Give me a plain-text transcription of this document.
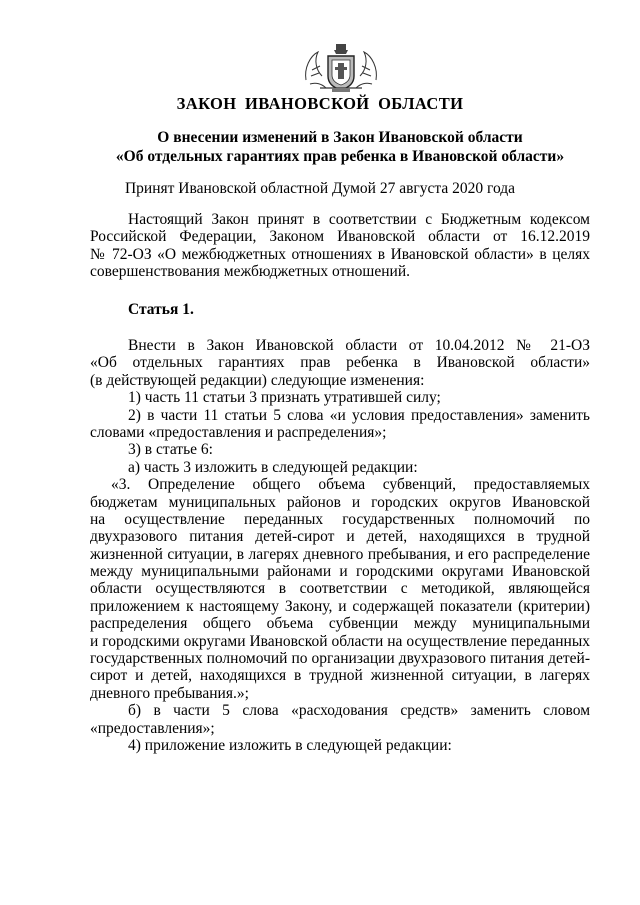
ЗАКОН ИВАНОВСКОЙ ОБЛАСТИ
О внесении изменений в Закон Ивановской области
«Об отдельных гарантиях прав ребенка в Ивановской области»
Принят Ивановской областной Думой 27 августа 2020 года
Настоящий Закон принят в соответствии с Бюджетным кодексом
Российской Федерации, Законом Ивановской области от 16.12.2019
№ 72-ОЗ «О межбюджетных отношениях в Ивановской области» в целях
совершенствования межбюджетных отношений.
Статья 1.
Внести в Закон Ивановской области от 10.04.2012 № 21-ОЗ
«Об отдельных гарантиях прав ребенка в Ивановской области»
(в действующей редакции) следующие изменения:
1) часть 11 статьи 3 признать утратившей силу;
2) в части 11 статьи 5 слова «и условия предоставления» заменить
словами «предоставления и распределения»;
3) в статье 6:
а) часть 3 изложить в следующей редакции:
«3. Определение общего объема субвенций, предоставляемых
бюджетам муниципальных районов и городских округов Ивановской
на осуществление переданных государственных полномочий по
двухразового питания детей-сирот и детей, находящихся в трудной
жизненной ситуации, в лагерях дневного пребывания, и его распределение
между муниципальными районами и городскими округами Ивановской
области осуществляются в соответствии с методикой, являющейся
приложением к настоящему Закону, и содержащей показатели (критерии)
распределения общего объема субвенции между муниципальными
и городскими округами Ивановской области на осуществление переданных
государственных полномочий по организации двухразового питания детей-
сирот и детей, находящихся в трудной жизненной ситуации, в лагерях
дневного пребывания.»;
б) в части 5 слова «расходования средств» заменить словом
«предоставления»;
4) приложение изложить в следующей редакции:
